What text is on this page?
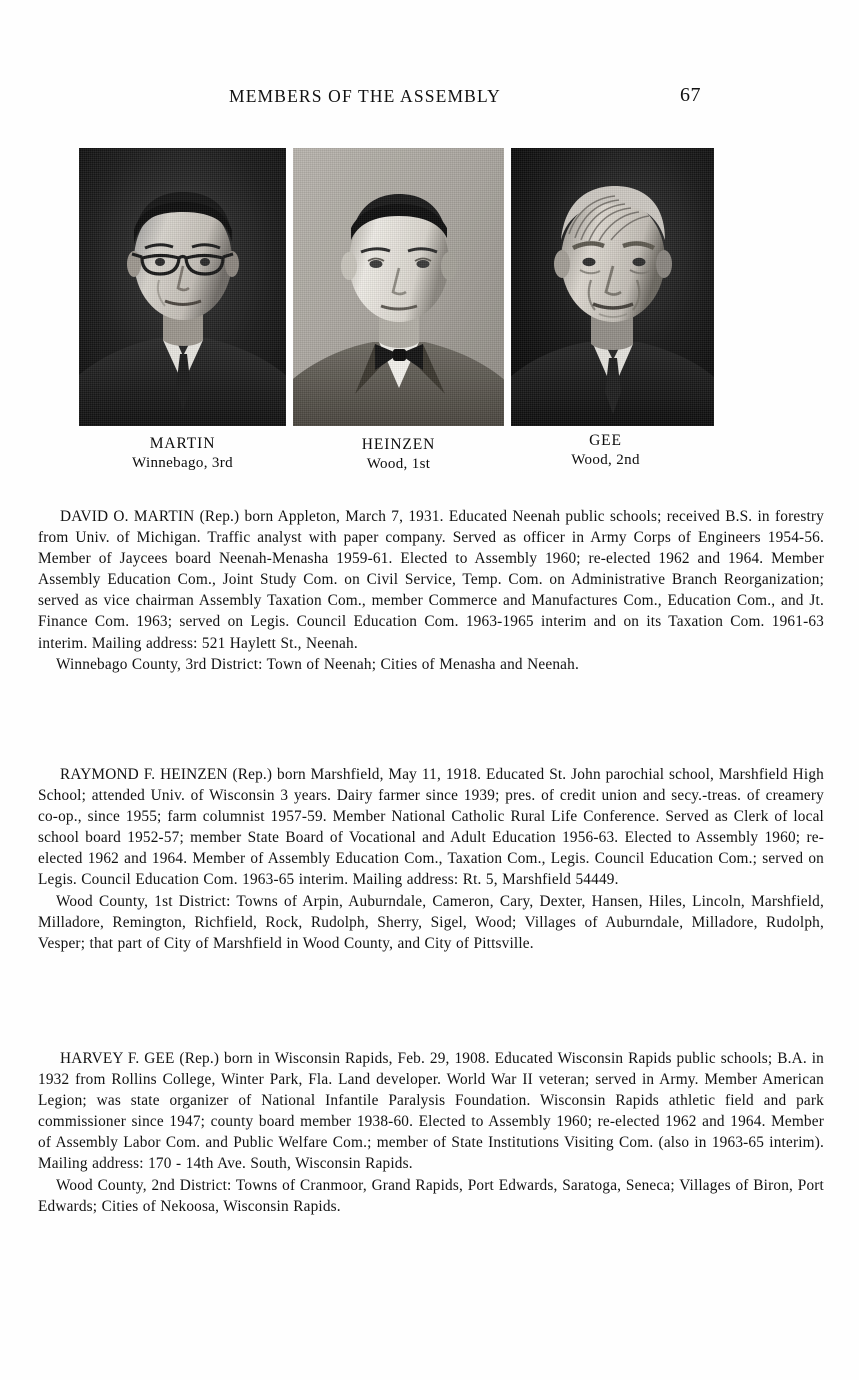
MEMBERS OF THE ASSEMBLY	67
MARTIN
Winnebago, 3rd
HEINZEN
Wood, 1st
GEE
Wood, 2nd

DAVID O. MARTIN (Rep.) born Appleton, March 7, 1931. Educated Neenah public schools; received B.S. in forestry from Univ. of Michigan. Traffic analyst with paper company. Served as officer in Army Corps of Engineers 1954-56. Member of Jaycees board Neenah-Menasha 1959-61. Elected to Assembly 1960; re-elected 1962 and 1964. Member Assembly Education Com., Joint Study Com. on Civil Service, Temp. Com. on Administrative Branch Reorganization; served as vice chairman Assembly Taxation Com., member Commerce and Manufactures Com., Education Com., and Jt. Finance Com. 1963; served on Legis. Council Education Com. 1963-1965 interim and on its Taxation Com. 1961-63 interim. Mailing address: 521 Haylett St., Neenah.

Winnebago County, 3rd District: Town of Neenah; Cities of Menasha and Neenah.

RAYMOND F. HEINZEN (Rep.) born Marshfield, May 11, 1918. Educated St. John parochial school, Marshfield High School; attended Univ. of Wisconsin 3 years. Dairy farmer since 1939; pres. of credit union and secy.-treas. of creamery co-op., since 1955; farm columnist 1957-59. Member National Catholic Rural Life Conference. Served as Clerk of local school board 1952-57; member State Board of Vocational and Adult Education 1956-63. Elected to Assembly 1960; re-elected 1962 and 1964. Member of Assembly Education Com., Taxation Com., Legis. Council Education Com.; served on Legis. Council Education Com. 1963-65 interim. Mailing address: Rt. 5, Marshfield 54449.

Wood County, 1st District: Towns of Arpin, Auburndale, Cameron, Cary, Dexter, Hansen, Hiles, Lincoln, Marshfield, Milladore, Remington, Richfield, Rock, Rudolph, Sherry, Sigel, Wood; Villages of Auburndale, Milladore, Rudolph, Vesper; that part of City of Marshfield in Wood County, and City of Pittsville.

HARVEY F. GEE (Rep.) born in Wisconsin Rapids, Feb. 29, 1908. Educated Wisconsin Rapids public schools; B.A. in 1932 from Rollins College, Winter Park, Fla. Land developer. World War II veteran; served in Army. Member American Legion; was state organizer of National Infantile Paralysis Foundation. Wisconsin Rapids athletic field and park commissioner since 1947; county board member 1938-60. Elected to Assembly 1960; re-elected 1962 and 1964. Member of Assembly Labor Com. and Public Welfare Com.; member of State Institutions Visiting Com. (also in 1963-65 interim). Mailing address: 170 - 14th Ave. South, Wisconsin Rapids.

Wood County, 2nd District: Towns of Cranmoor, Grand Rapids, Port Edwards, Saratoga, Seneca; Villages of Biron, Port Edwards; Cities of Nekoosa, Wisconsin Rapids.
